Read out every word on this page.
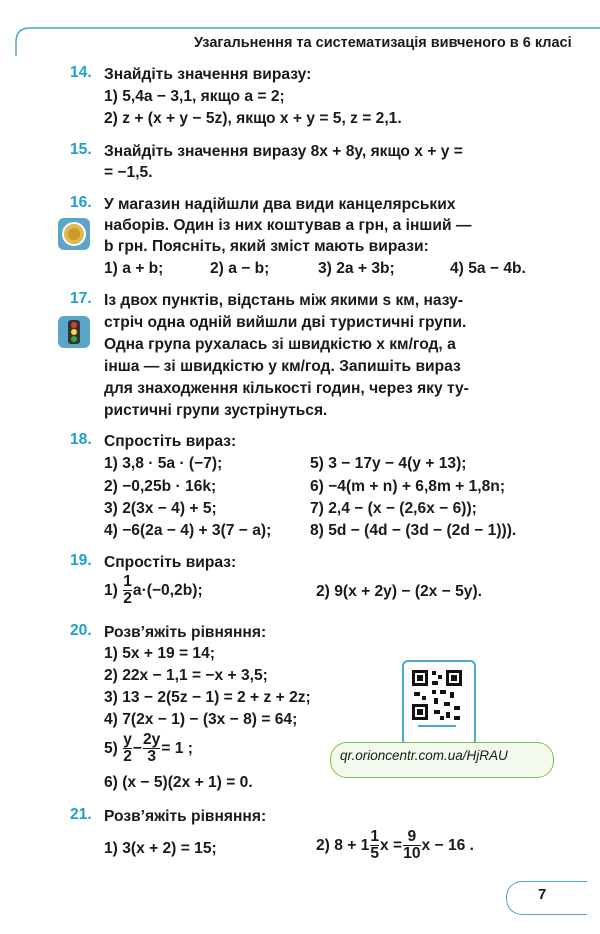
Узагальнення та систематизація вивченого в 6 класі
14. Знайдіть значення виразу:
1) 5,4a − 3,1, якщо a = 2;
2) z + (x + y − 5z), якщо x + y = 5, z = 2,1.
15. Знайдіть значення виразу 8x + 8y, якщо x + y =
= −1,5.
16. У магазин надійшли два види канцелярських
наборів. Один із них коштував a грн, а інший —
b грн. Поясніть, який зміст мають вирази:
1) a + b;	2) a − b;	3) 2a + 3b;	4) 5a − 4b.
17. Із двох пунктів, відстань між якими s км, назу-
стріч одна одній вийшли дві туристичні групи.
Одна група рухалась зі швидкістю x км/год, а
інша — зі швидкістю y км/год. Запишіть вираз
для знаходження кількості годин, через яку ту-
ристичні групи зустрінуться.
18. Спростіть вираз:
1) 3,8 · 5a · (−7);
2) −0,25b · 16k;
3) 2(3x − 4) + 5;
4) −6(2a − 4) + 3(7 − a);
5) 3 − 17y − 4(y + 13);
6) −4(m + n) + 6,8m + 1,8n;
7) 2,4 − (x − (2,6x − 6));
8) 5d − (4d − (3d − (2d − 1))).
19. Спростіть вираз:
$1) \frac{1}{2} a\cdot(-0,2b)$;	2) 9(x + 2y) − (2x − 5y).
20. Розв’яжіть рівняння:
1) 5x + 19 = 14;
2) 22x − 1,1 = −x + 3,5;
3) 13 − 2(5z − 1) = 2 + z + 2z;
4) 7(2x − 1) − (3x − 8) = 64;
$5) \frac{y}{2} - \frac{2y}{3} = 1$ ;
6) (x − 5)(2x + 1) = 0.
qr.orioncentr.com.ua/HjRAU
21. Розв’яжіть рівняння:
1) 3(x + 2) = 15;	2) $8 + 1 \frac{1}{5}$ $x = \frac{9}{10}$ x − 16 .
7
